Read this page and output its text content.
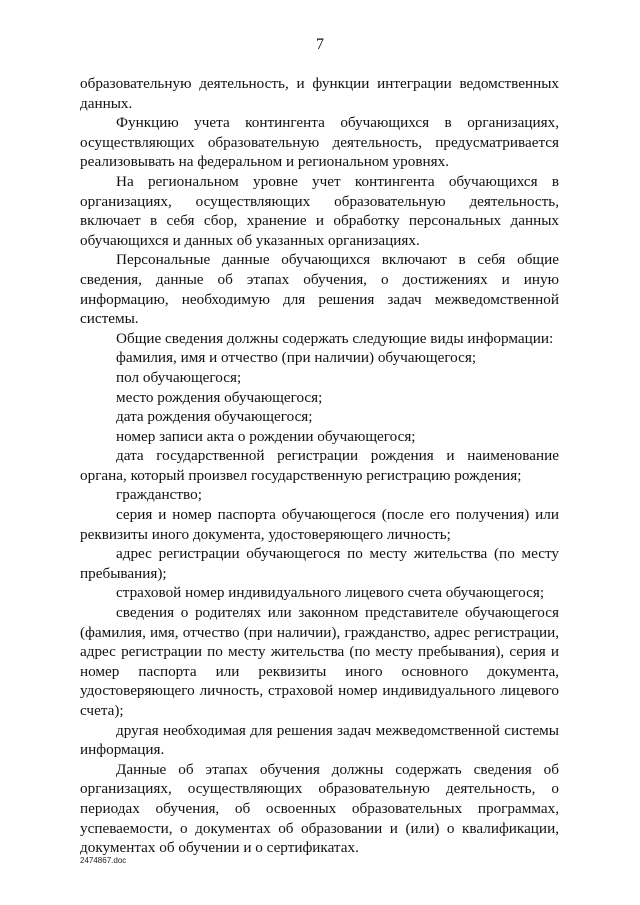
7

образовательную деятельность, и функции интеграции ведомственных данных.

Функцию учета контингента обучающихся в организациях, осуществляющих образовательную деятельность, предусматривается реализовывать на федеральном и региональном уровнях.

На региональном уровне учет контингента обучающихся в организациях, осуществляющих образовательную деятельность, включает в себя сбор, хранение и обработку персональных данных обучающихся и данных об указанных организациях.

Персональные данные обучающихся включают в себя общие сведения, данные об этапах обучения, о достижениях и иную информацию, необходимую для решения задач межведомственной системы.

Общие сведения должны содержать следующие виды информации:

фамилия, имя и отчество (при наличии) обучающегося;

пол обучающегося;

место рождения обучающегося;

дата рождения обучающегося;

номер записи акта о рождении обучающегося;

дата государственной регистрации рождения и наименование органа, который произвел государственную регистрацию рождения;

гражданство;

серия и номер паспорта обучающегося (после его получения) или реквизиты иного документа, удостоверяющего личность;

адрес регистрации обучающегося по месту жительства (по месту пребывания);

страховой номер индивидуального лицевого счета обучающегося;

сведения о родителях или законном представителе обучающегося (фамилия, имя, отчество (при наличии), гражданство, адрес регистрации, адрес регистрации по месту жительства (по месту пребывания), серия и номер паспорта или реквизиты иного основного документа, удостоверяющего личность, страховой номер индивидуального лицевого счета);

другая необходимая для решения задач межведомственной системы информация.

Данные об этапах обучения должны содержать сведения об организациях, осуществляющих образовательную деятельность, о периодах обучения, об освоенных образовательных программах, успеваемости, о документах об образовании и (или) о квалификации, документах об обучении и о сертификатах.

2474867.doc
